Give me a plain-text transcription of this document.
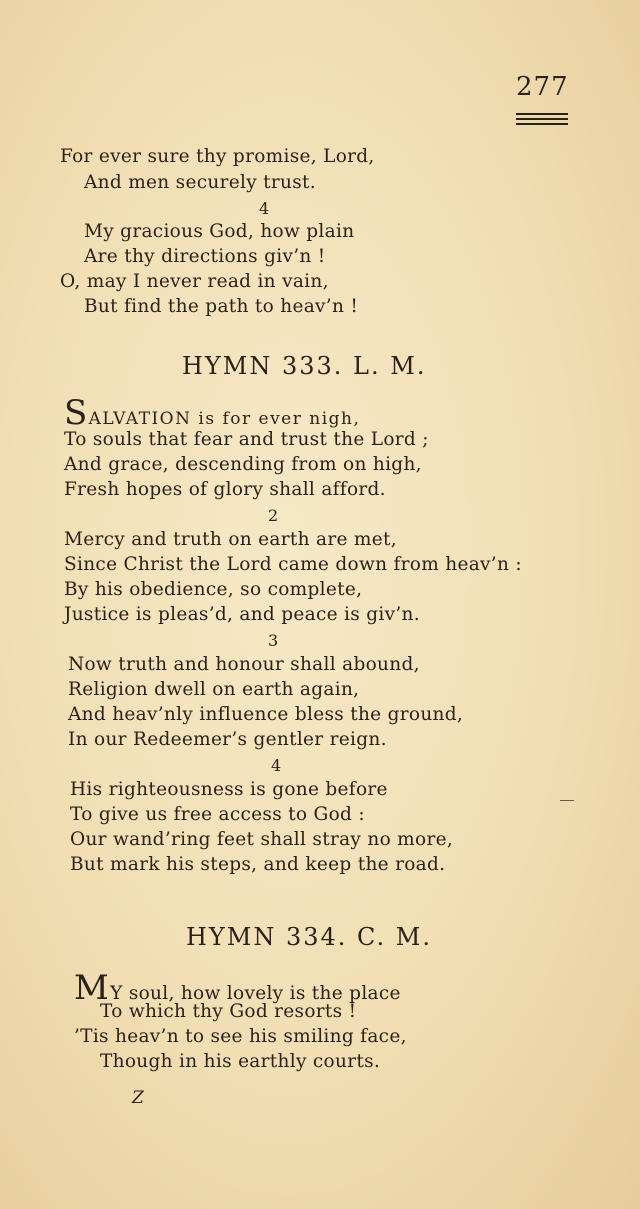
277
For ever sure thy promise, Lord,
And men securely trust.
4
My gracious God, how plain
Are thy directions giv’n !
O, may I never read in vain,
But find the path to heav’n !
HYMN 333. L. M.
SALVATION is for ever nigh,
To souls that fear and trust the Lord ;
And grace, descending from on high,
Fresh hopes of glory shall afford.
2
Mercy and truth on earth are met,
Since Christ the Lord came down from heav’n :
By his obedience, so complete,
Justice is pleas’d, and peace is giv’n.
3
Now truth and honour shall abound,
Religion dwell on earth again,
And heav’nly influence bless the ground,
In our Redeemer’s gentler reign.
4
His righteousness is gone before
To give us free access to God :
Our wand’ring feet shall stray no more,
But mark his steps, and keep the road.
HYMN 334. C. M.
MY soul, how lovely is the place
To which thy God resorts !
’Tis heav’n to see his smiling face,
Though in his earthly courts.
Z
